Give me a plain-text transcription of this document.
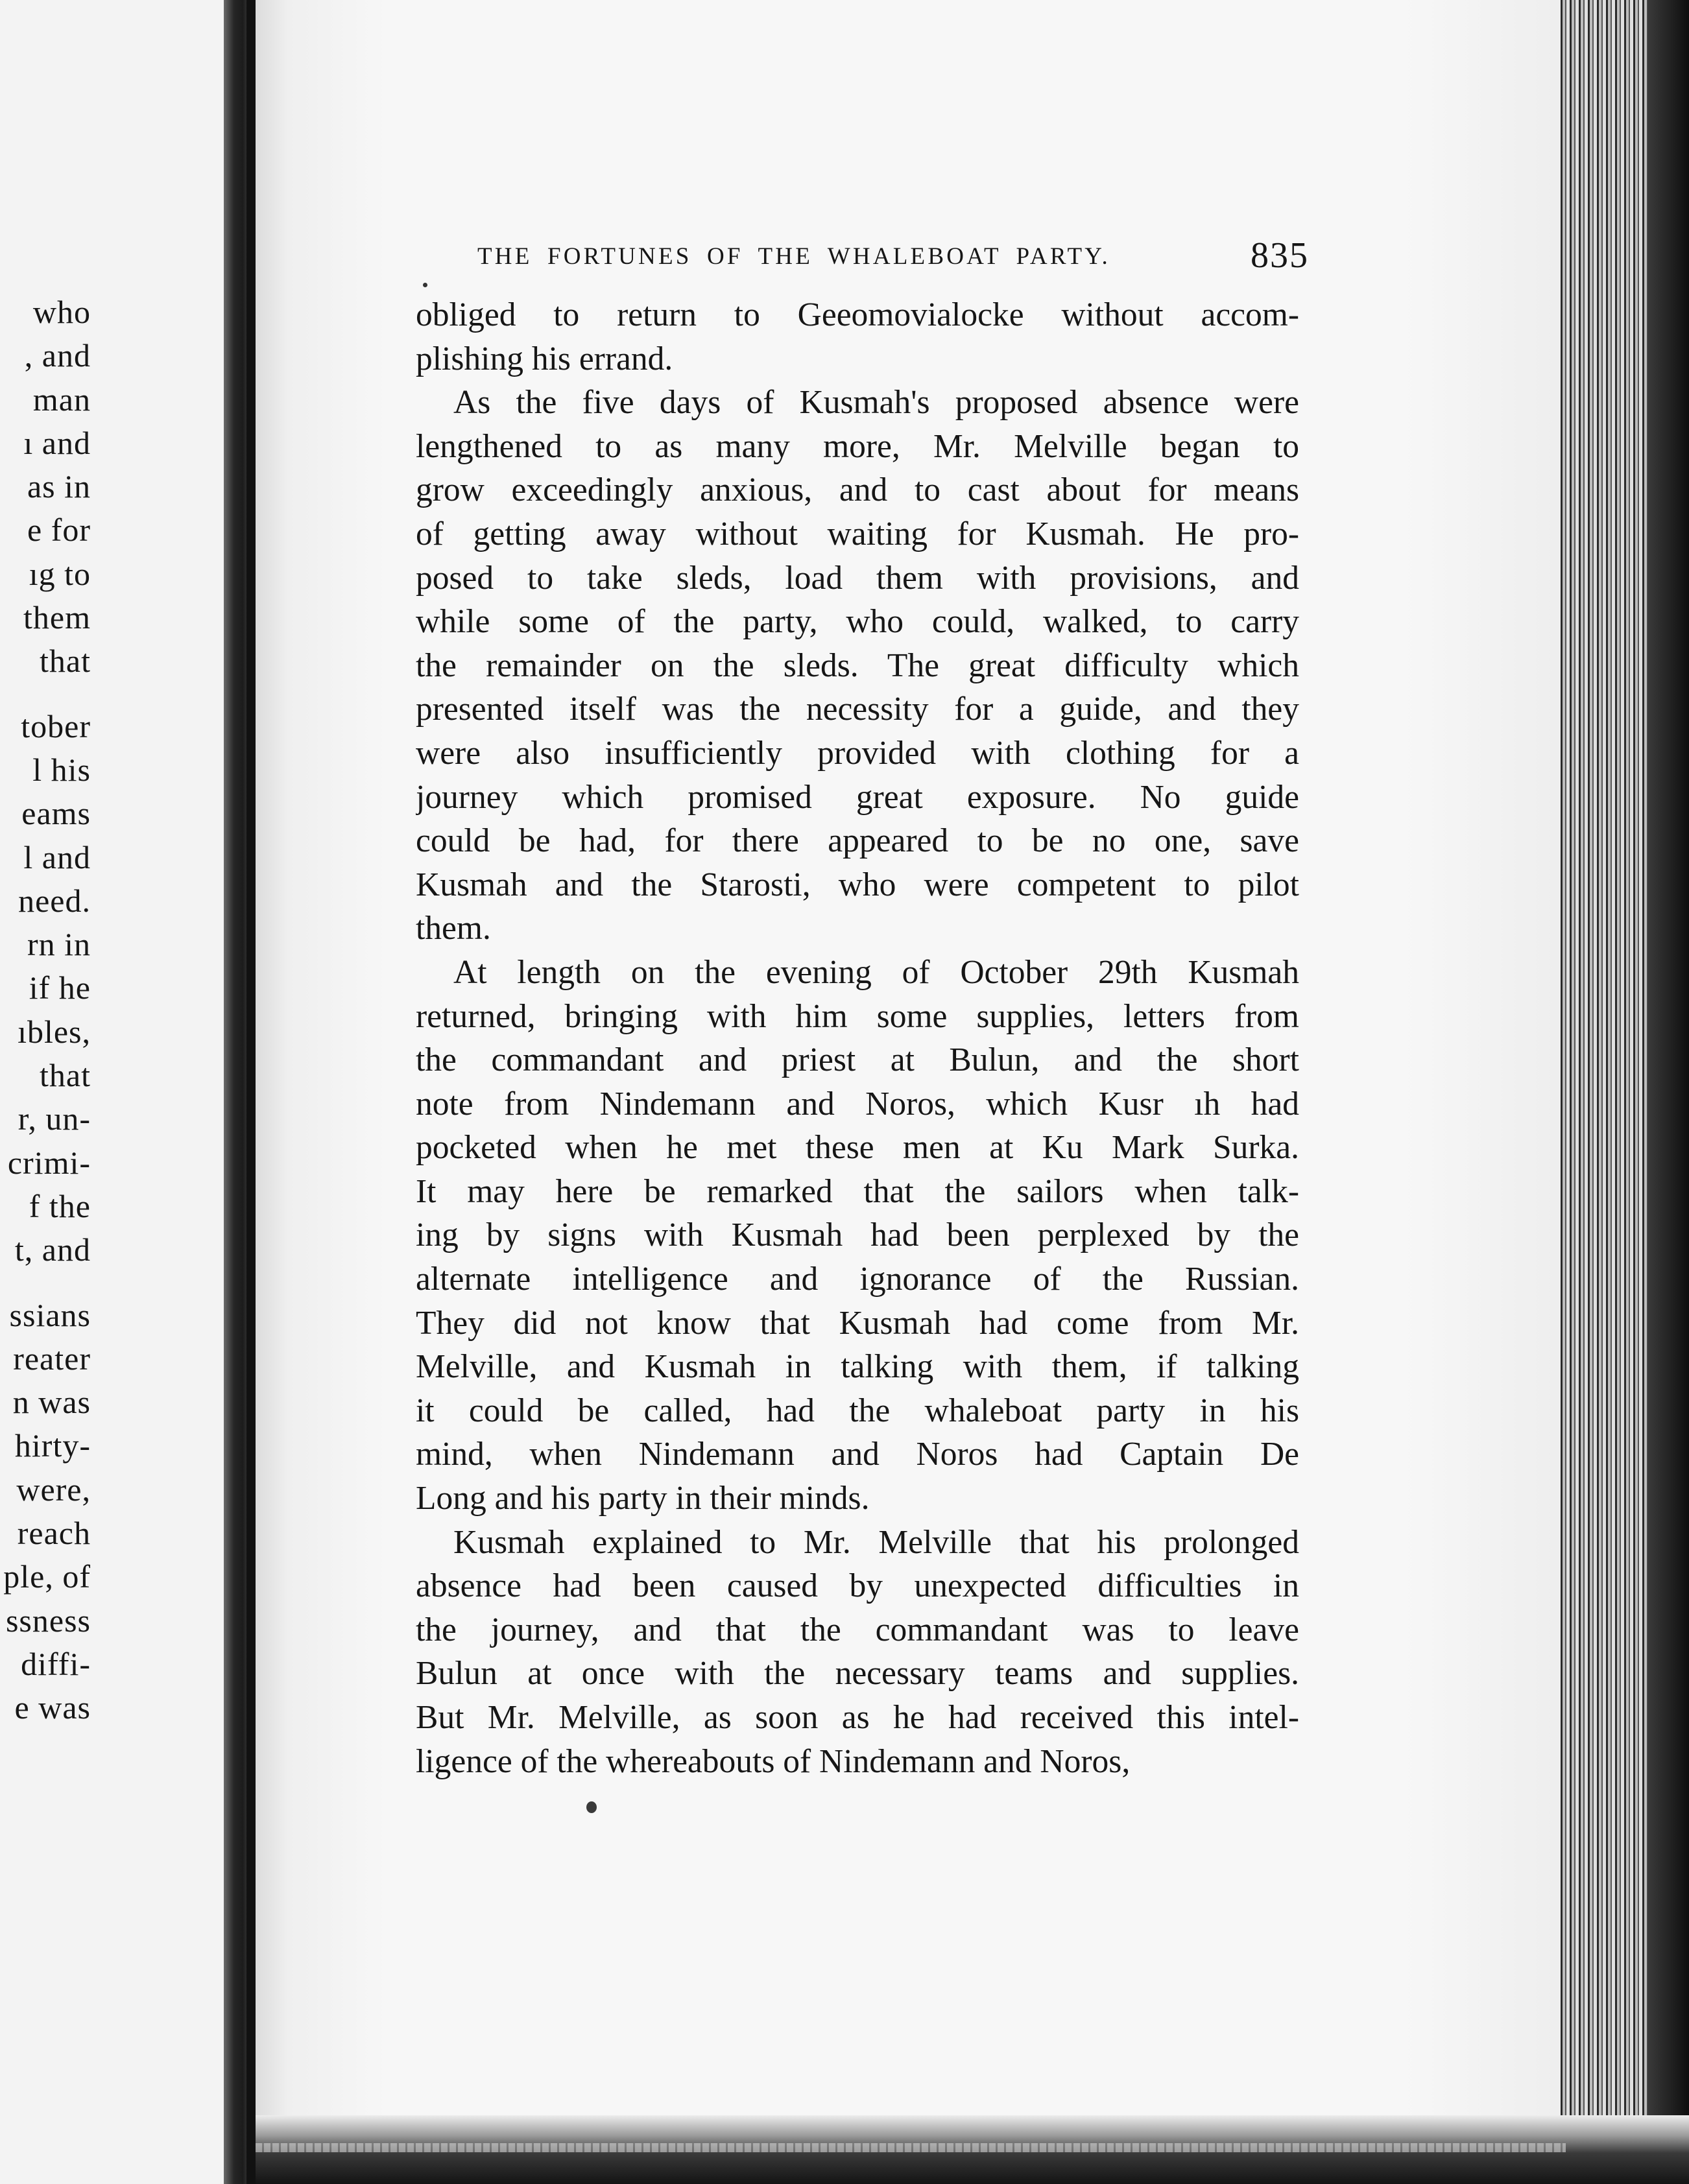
who
, and
man
ı and
as in
e for
ıg to
them
that
tober
l his
eams
l and
need.
rn in
if he
ıbles,
that
r, un-
crimi-
f the
t, and
ssians
reater
n was
hirty-
were,
reach
ple, of
ssness
diffi-
e was
THE FORTUNES OF THE WHALEBOAT PARTY.	835
obliged to return to Geeomovialocke without accom-
plishing his errand.
As the five days of Kusmah's proposed absence were
lengthened to as many more, Mr. Melville began to
grow exceedingly anxious, and to cast about for means
of getting away without waiting for Kusmah. He pro-
posed to take sleds, load them with provisions, and
while some of the party, who could, walked, to carry
the remainder on the sleds. The great difficulty which
presented itself was the necessity for a guide, and they
were also insufficiently provided with clothing for a
journey which promised great exposure. No guide
could be had, for there appeared to be no one, save
Kusmah and the Starosti, who were competent to pilot
them.
At length on the evening of October 29th Kusmah
returned, bringing with him some supplies, letters from
the commandant and priest at Bulun, and the short
note from Nindemann and Noros, which Kusr ıh had
pocketed when he met these men at Ku Mark Surka.
It may here be remarked that the sailors when talk-
ing by signs with Kusmah had been perplexed by the
alternate intelligence and ignorance of the Russian.
They did not know that Kusmah had come from Mr.
Melville, and Kusmah in talking with them, if talking
it could be called, had the whaleboat party in his
mind, when Nindemann and Noros had Captain De
Long and his party in their minds.
Kusmah explained to Mr. Melville that his prolonged
absence had been caused by unexpected difficulties in
the journey, and that the commandant was to leave
Bulun at once with the necessary teams and supplies.
But Mr. Melville, as soon as he had received this intel-
ligence of the whereabouts of Nindemann and Noros,
